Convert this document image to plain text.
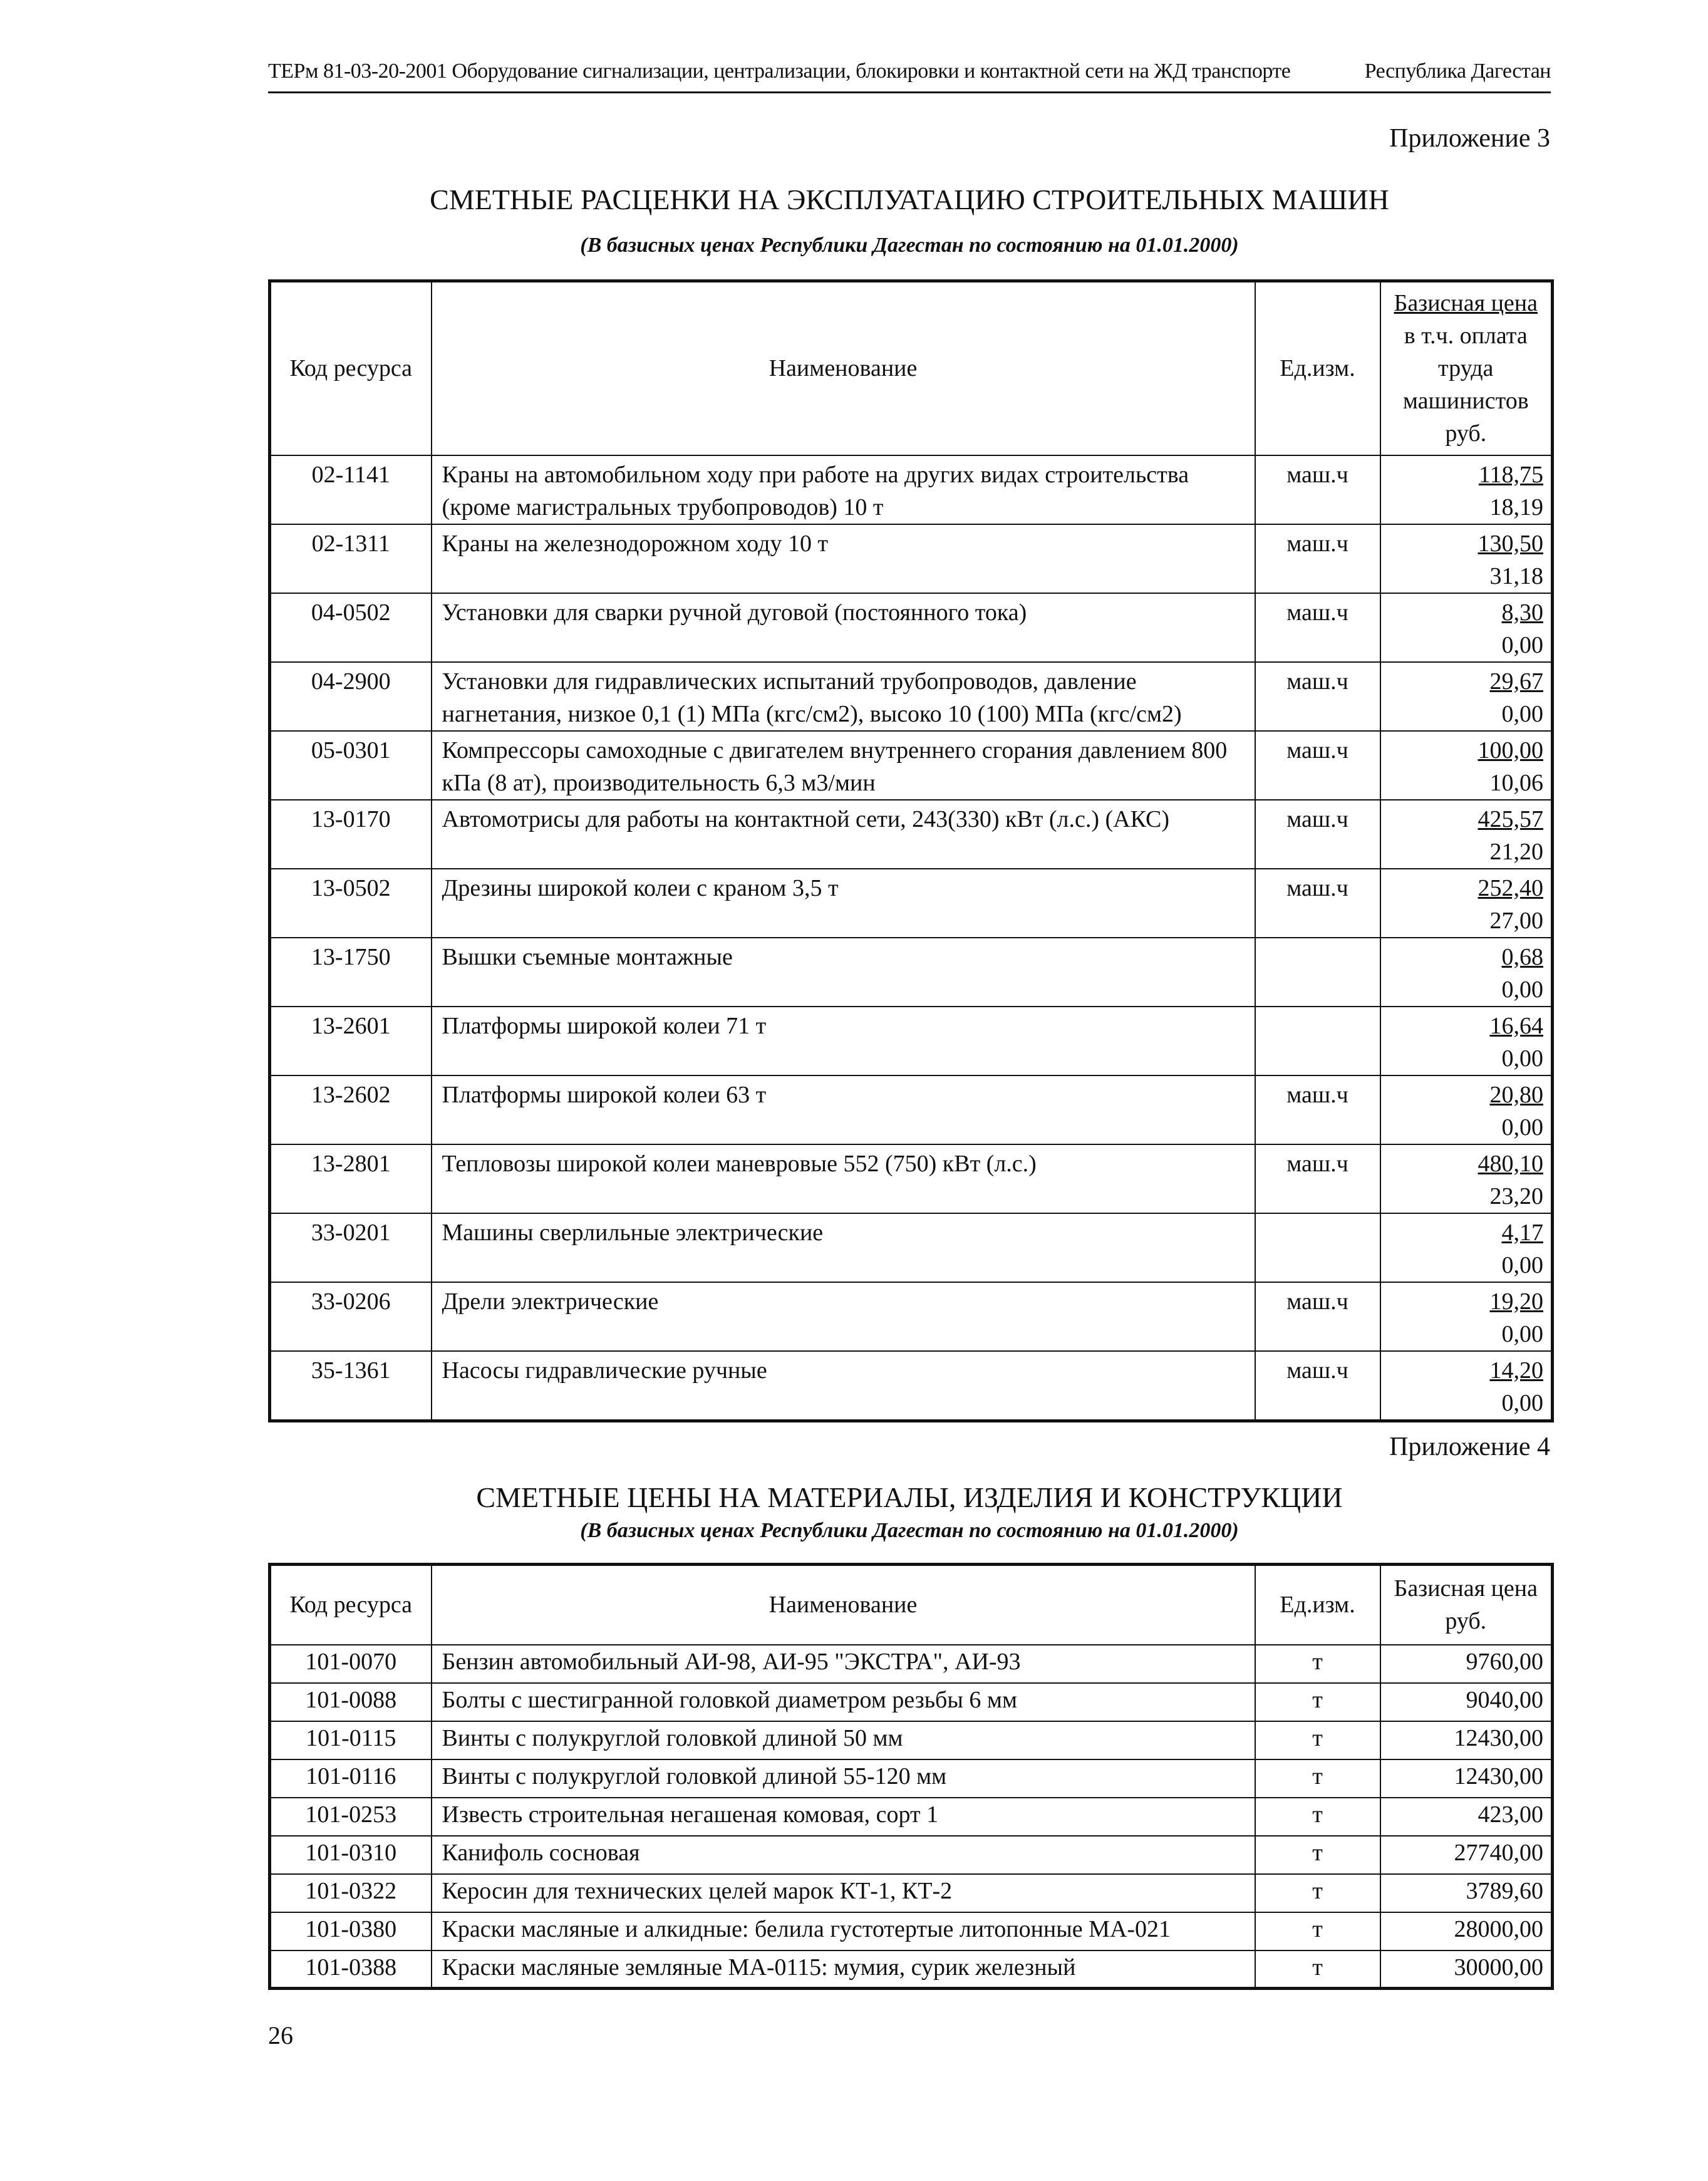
ТЕРм 81-03-20-2001 Оборудование сигнализации, централизации, блокировки и контактной сети на ЖД транспорте	Республика Дагестан
Приложение 3
СМЕТНЫЕ РАСЦЕНКИ НА ЭКСПЛУАТАЦИЮ СТРОИТЕЛЬНЫХ МАШИН
(В базисных ценах Республики Дагестан по состоянию на 01.01.2000)
Код ресурса	Наименование	Ед.изм.	Базисная цена
в т.ч. оплата труда машинистов
руб.

02-1141	Краны на автомобильном ходу при работе на других видах строительства (кроме магистральных трубопроводов) 10 т	маш.ч	118,75
18,19

02-1311	Краны на железнодорожном ходу 10 т	маш.ч	130,50
31,18

04-0502	Установки для сварки ручной дуговой (постоянного тока)	маш.ч	8,30
0,00

04-2900	Установки для гидравлических испытаний трубопроводов, давление нагнетания, низкое 0,1 (1) МПа (кгс/см2), высоко 10 (100) МПа (кгс/см2)	маш.ч	29,67
0,00

05-0301	Компрессоры самоходные с двигателем внутреннего сгорания давлением 800 кПа (8 ат), производительность 6,3 м3/мин	маш.ч	100,00
10,06

13-0170	Автомотрисы для работы на контактной сети, 243(330) кВт (л.с.) (АКС)	маш.ч	425,57
21,20

13-0502	Дрезины широкой колеи с краном 3,5 т	маш.ч	252,40
27,00

13-1750	Вышки съемные монтажные		0,68
0,00

13-2601	Платформы широкой колеи 71 т		16,64
0,00

13-2602	Платформы широкой колеи 63 т	маш.ч	20,80
0,00

13-2801	Тепловозы широкой колеи маневровые 552 (750) кВт (л.с.)	маш.ч	480,10
23,20

33-0201	Машины сверлильные электрические		4,17
0,00

33-0206	Дрели электрические	маш.ч	19,20
0,00

35-1361	Насосы гидравлические ручные	маш.ч	14,20
0,00
Приложение 4
СМЕТНЫЕ ЦЕНЫ НА МАТЕРИАЛЫ, ИЗДЕЛИЯ И КОНСТРУКЦИИ
(В базисных ценах Республики Дагестан по состоянию на 01.01.2000)
Код ресурса	Наименование	Ед.изм.	Базисная цена
руб.

101-0070	Бензин автомобильный АИ-98, АИ-95 "ЭКСТРА", АИ-93	т	9760,00
101-0088	Болты с шестигранной головкой диаметром резьбы 6 мм	т	9040,00
101-0115	Винты с полукруглой головкой длиной 50 мм	т	12430,00
101-0116	Винты с полукруглой головкой длиной 55-120 мм	т	12430,00
101-0253	Известь строительная негашеная комовая, сорт 1	т	423,00
101-0310	Канифоль сосновая	т	27740,00
101-0322	Керосин для технических целей марок КТ-1, КТ-2	т	3789,60
101-0380	Краски масляные и алкидные: белила густотертые литопонные МА-021	т	28000,00
101-0388	Краски масляные земляные МА-0115: мумия, сурик железный	т	30000,00
26
